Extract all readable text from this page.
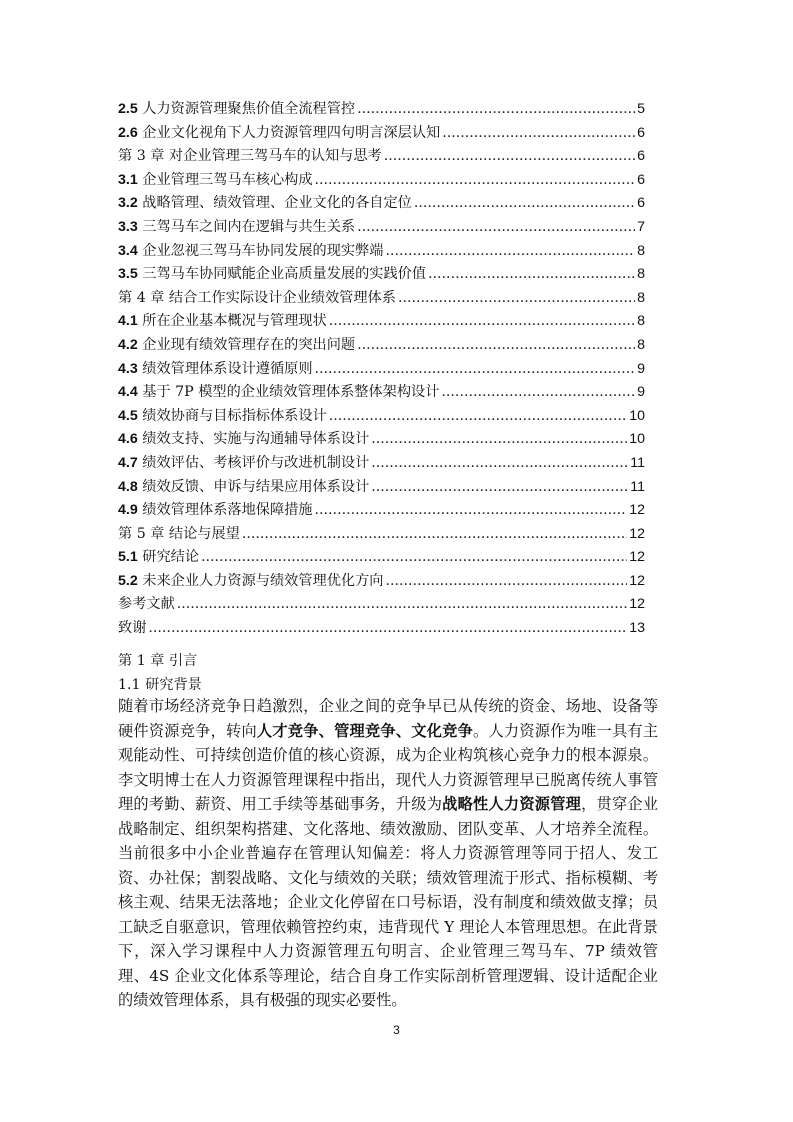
2.5 人力资源管理聚焦价值全流程管控 .....	5
2.6 企业文化视角下人力资源管理四句明言深层认知 .....	6
第 3 章 对企业管理三驾马车的认知与思考 .....	6
3.1 企业管理三驾马车核心构成 .....	6
3.2 战略管理、绩效管理、企业文化的各自定位 .....	6
3.3 三驾马车之间内在逻辑与共生关系 .....	7
3.4 企业忽视三驾马车协同发展的现实弊端 .....	8
3.5 三驾马车协同赋能企业高质量发展的实践价值 .....	8
第 4 章 结合工作实际设计企业绩效管理体系 .....	8
4.1 所在企业基本概况与管理现状 .....	8
4.2 企业现有绩效管理存在的突出问题 .....	8
4.3 绩效管理体系设计遵循原则 .....	9
4.4 基于 7P 模型的企业绩效管理体系整体架构设计 .....	9
4.5 绩效协商与目标指标体系设计 .....	10
4.6 绩效支持、实施与沟通辅导体系设计 .....	10
4.7 绩效评估、考核评价与改进机制设计 .....	11
4.8 绩效反馈、申诉与结果应用体系设计 .....	11
4.9 绩效管理体系落地保障措施 .....	12
第 5 章 结论与展望 .....	12
5.1 研究结论 .....	12
5.2 未来企业人力资源与绩效管理优化方向 .....	12
参考文献 .....	12
致谢 .....	13
第 1 章 引言
1.1 研究背景
随着市场经济竞争日趋激烈，企业之间的竞争早已从传统的资金、场地、设备等硬件资源竞争，转向人才竞争、管理竞争、文化竞争。人力资源作为唯一具有主观能动性、可持续创造价值的核心资源，成为企业构筑核心竞争力的根本源泉。李文明博士在人力资源管理课程中指出，现代人力资源管理早已脱离传统人事管理的考勤、薪资、用工手续等基础事务，升级为战略性人力资源管理，贯穿企业战略制定、组织架构搭建、文化落地、绩效激励、团队变革、人才培养全流程。当前很多中小企业普遍存在管理认知偏差：将人力资源管理等同于招人、发工资、办社保；割裂战略、文化与绩效的关联；绩效管理流于形式、指标模糊、考核主观、结果无法落地；企业文化停留在口号标语，没有制度和绩效做支撑；员工缺乏自驱意识，管理依赖管控约束，违背现代 Y 理论人本管理思想。在此背景下，深入学习课程中人力资源管理五句明言、企业管理三驾马车、7P 绩效管理、4S 企业文化体系等理论，结合自身工作实际剖析管理逻辑、设计适配企业的绩效管理体系，具有极强的现实必要性。
3
